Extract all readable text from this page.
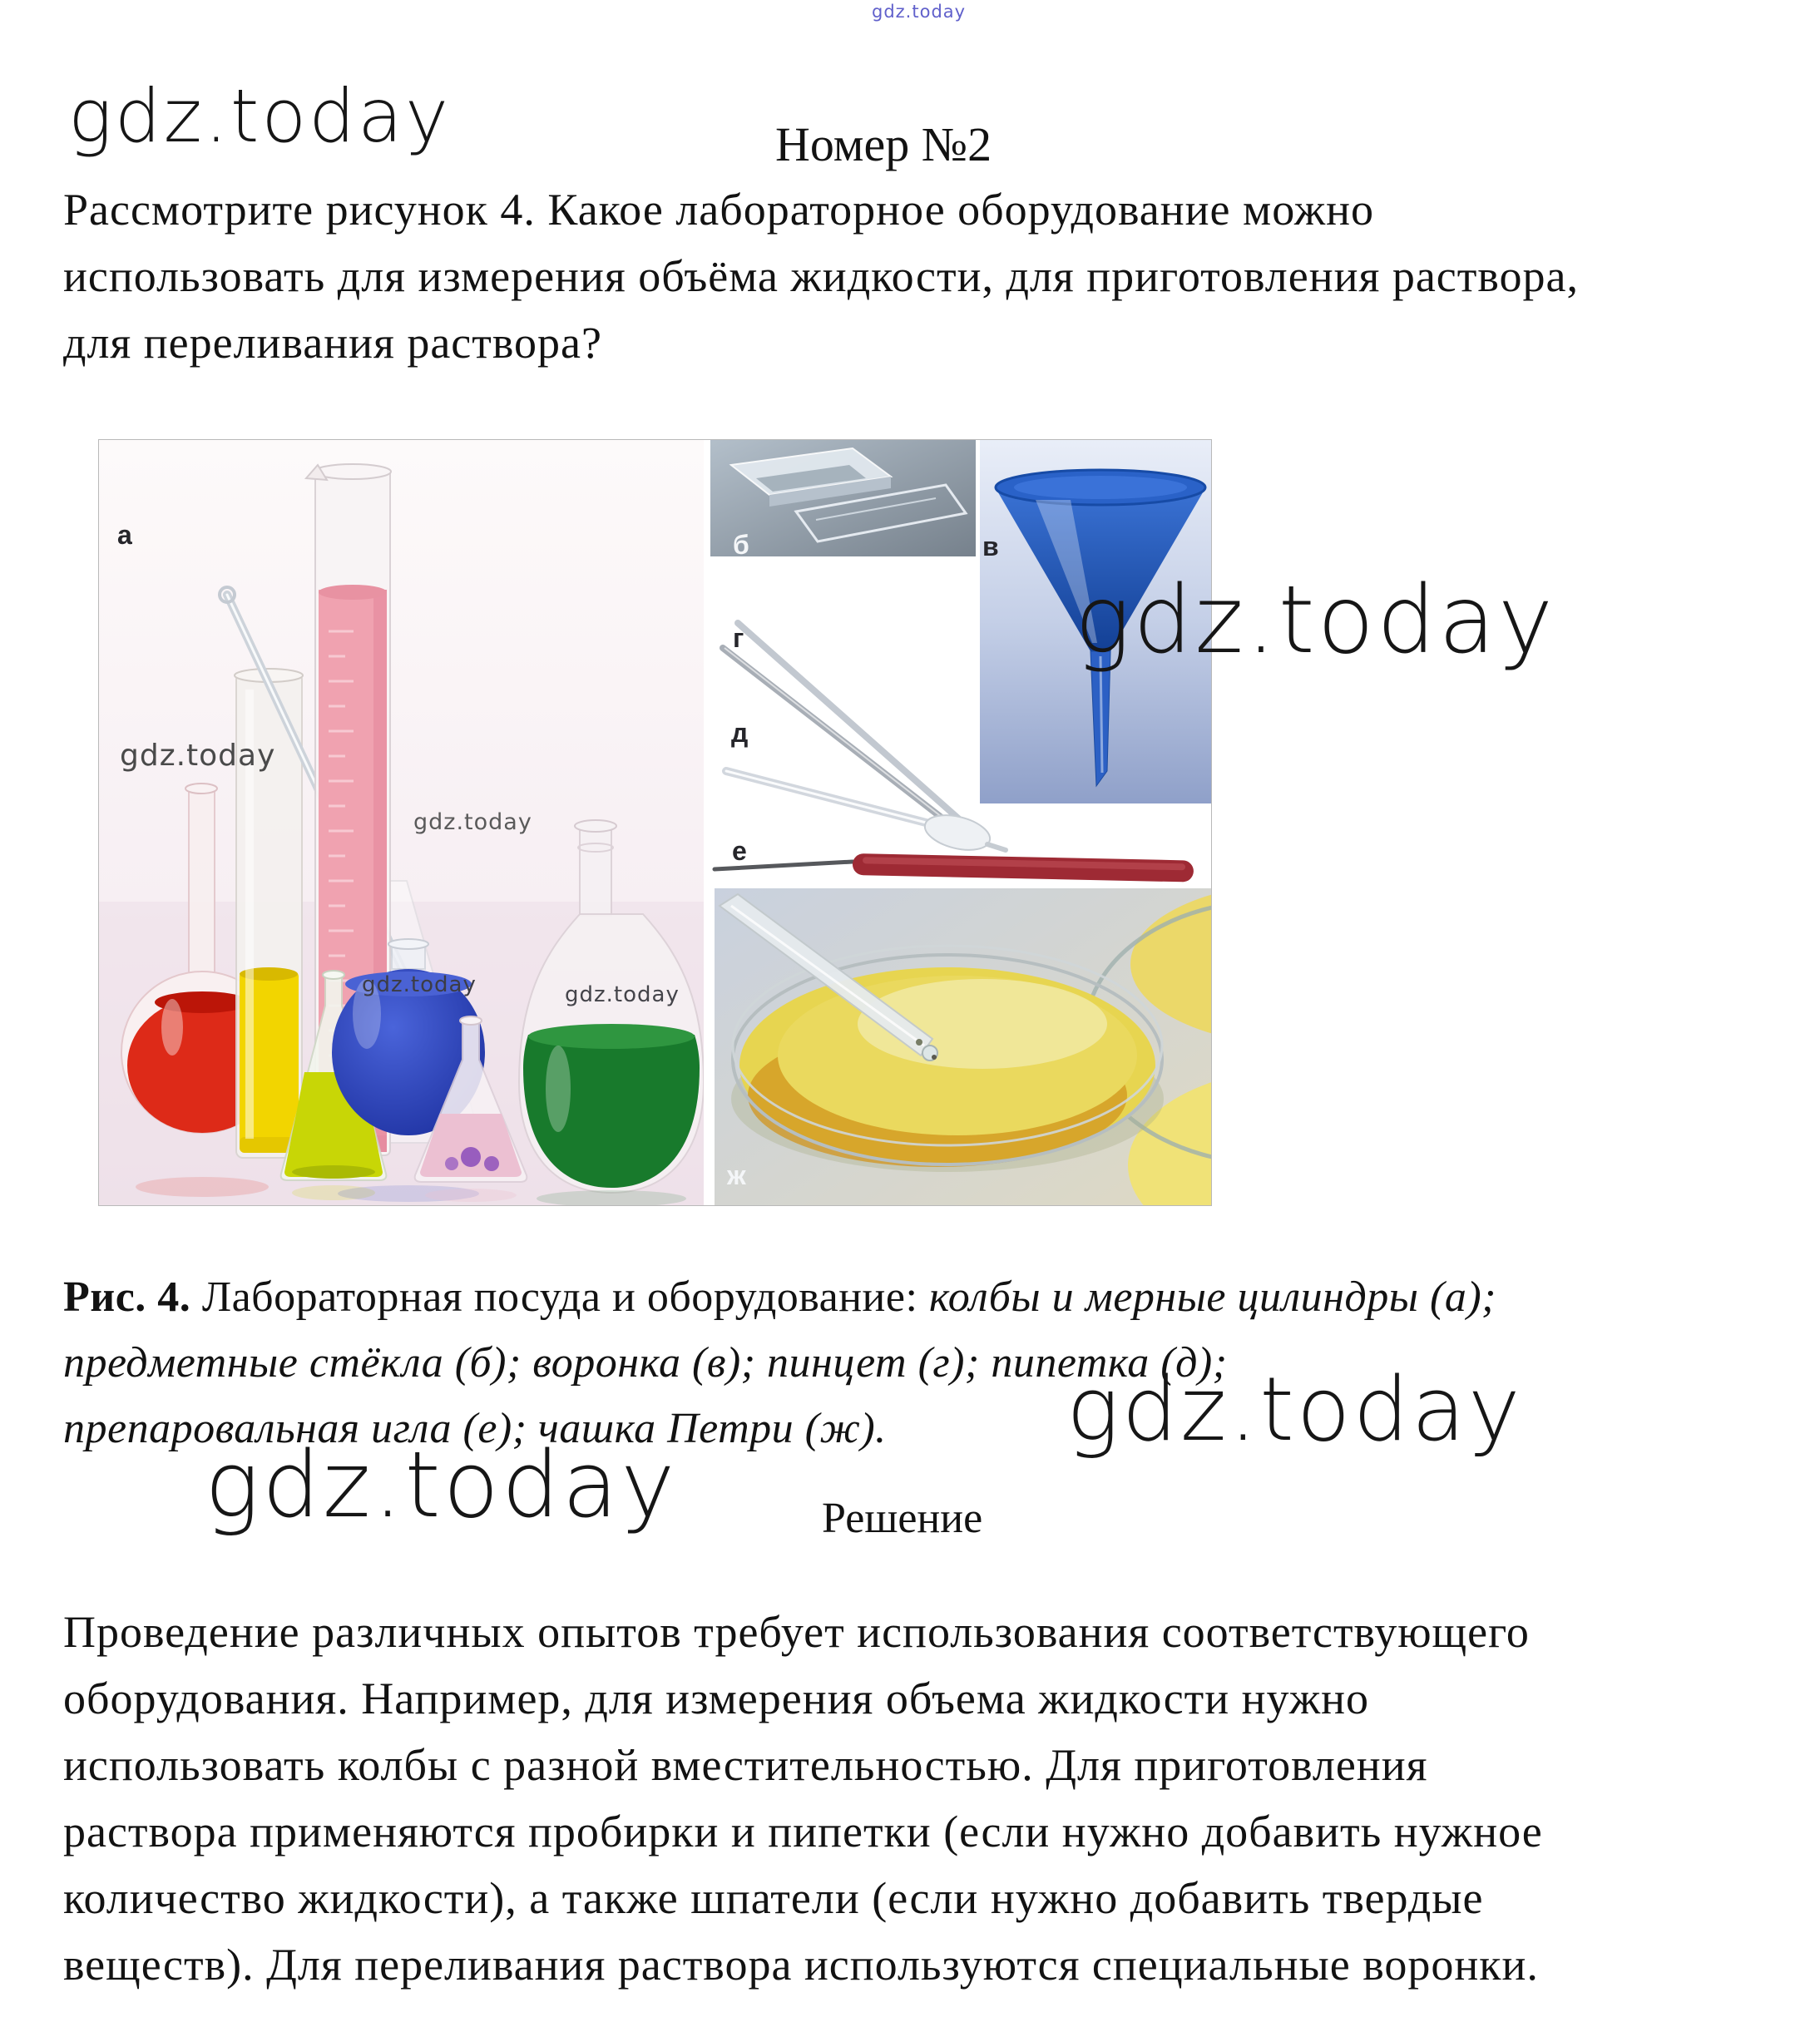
gdz.today
Номер №2
gdz.today
Рассмотрите рисунок 4. Какое лабораторное оборудование можно
использовать для измерения объёма жидкости, для приготовления раствора,
для переливания раствора?
а	б	в
г
д
е
ж
gdz.today
gdz.today
gdz.today	gdz.today
gdz.today
Рис. 4. Лабораторная посуда и оборудование: колбы и мерные цилиндры (а);
предметные стёкла (б); воронка (в); пинцет (г); пипетка (д);
препаровальная игла (е); чашка Петри (ж).	gdz.today
gdz.today	Решение
Проведение различных опытов требует использования соответствующего
оборудования. Например, для измерения объема жидкости нужно
использовать колбы с разной вместительностью. Для приготовления
раствора применяются пробирки и пипетки (если нужно добавить нужное
количество жидкости), а также шпатели (если нужно добавить твердые
веществ). Для переливания раствора используются специальные воронки.
